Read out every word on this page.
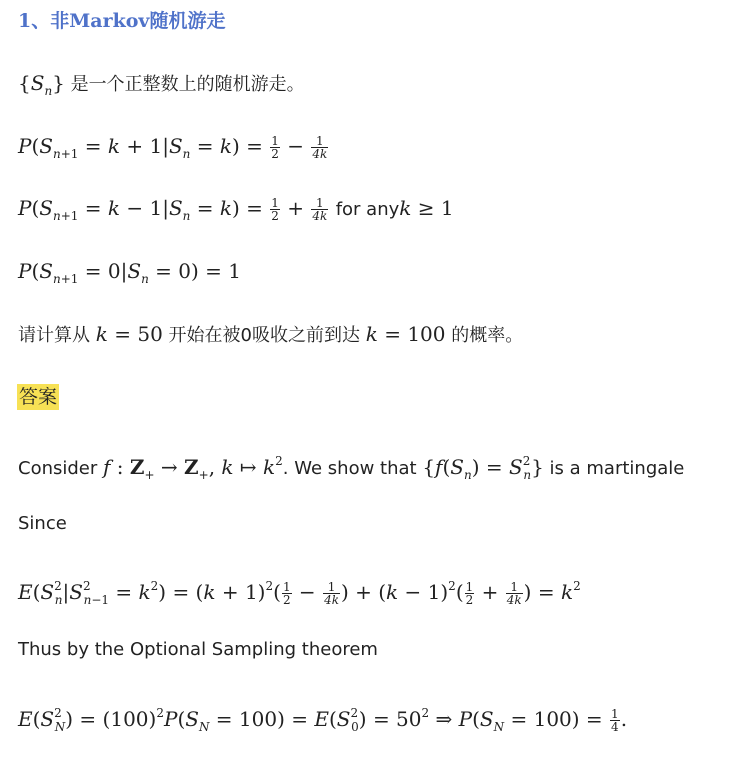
1、非Markov随机游走
$\{S_n\}$ 是一个正整数上的随机游走。
$P(S_{n+1} = k + 1|S_n = k) = \frac{1}{2} - \frac{1}{4k}$
$P(S_{n+1} = k - 1|S_n = k) = \frac{1}{2} + \frac{1}{4k}$ for anyk ≥ 1
$P(S_{n+1} = 0|S_n = 0) = 1$
请计算从 k = 50 开始在被0吸收之前到达 k = 100 的概率。
答案
Consider f : $Z_+ \to Z_+$, k ↦ $k^2$. We show that $\{f(S_n) = S^2_n\}$ is a martingale
Since
$E(S^2_n|S^2_{n-1} = k^2) = (k + 1)^2( \frac{1}{2} - \frac{1}{4k}$ ) + $(k - 1)^2( \frac{1}{2} + \frac{1}{4k}$ ) = $k^2$
Thus by the Optional Sampling theorem
$E(S^2_N) = (100)^2P(S_N = 100) = E(S^2_0) = 50^2$ ⇒ $P(S_N = 100) = \frac{1}{4}$ .
